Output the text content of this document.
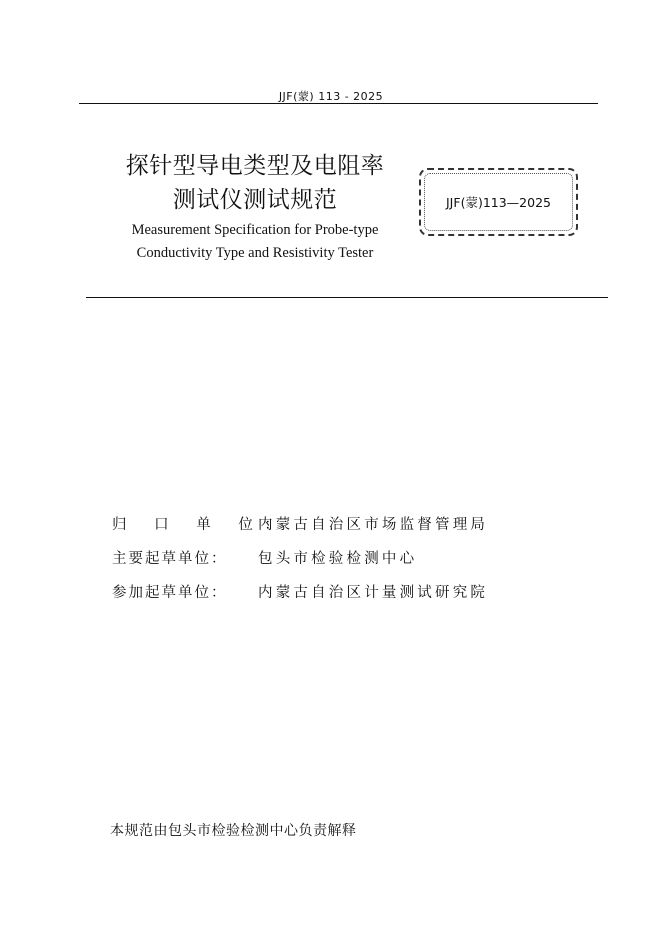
JJF(蒙) 113 - 2025
探针型导电类型及电阻率
测试仪测试规范
Measurement Specification for Probe-type
Conductivity Type and Resistivity Tester
JJF(蒙)113—2025
归 口 单 位：
内蒙古自治区市场监督管理局
主要起草单位：	包头市检验检测中心
参加起草单位：	内蒙古自治区计量测试研究院
本规范由包头市检验检测中心负责解释
